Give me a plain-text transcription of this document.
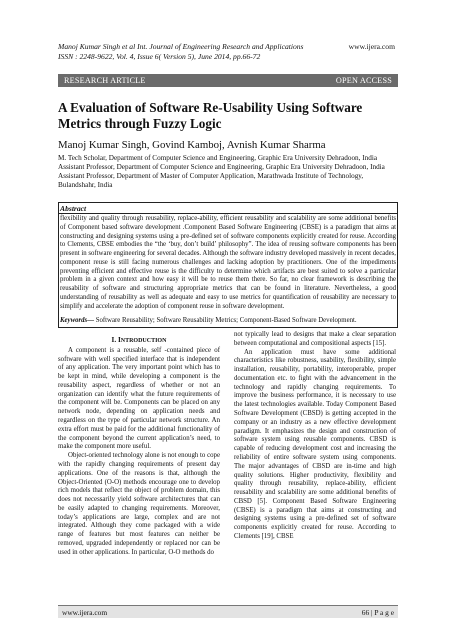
Manoj Kumar Singh et al Int. Journal of Engineering Research and Applications
ISSN : 2248-9622, Vol. 4, Issue 6( Version 5), June 2014, pp.66-72
www.ijera.com
RESEARCH ARTICLE	OPEN ACCESS
A Evaluation of Software Re-Usability Using Software Metrics through Fuzzy Logic
Manoj Kumar Singh, Govind Kamboj, Avnish Kumar Sharma
M. Tech Scholar, Department of Computer Science and Engineering, Graphic Era University Dehradoon, India
Assistant Professor, Department of Computer Science and Engineering, Graphic Era University Dehradoon, India
Assistant Professor, Department of Master of Computer Application, Marathwada Institute of Technology, Bulandshahr, India
Abstract
flexibility and quality through reusability, replace-ability, efficient reusability and scalability are some additional benefits of Component based software development .Component Based Software Engineering (CBSE) is a paradigm that aims at constructing and designing systems using a pre-defined set of software components explicitly created for reuse. According to Clements, CBSE embodies the “the ‘buy, don’t build’ philosophy”. The idea of reusing software components has been present in software engineering for several decades. Although the software industry developed massively in recent decades, component reuse is still facing numerous challenges and lacking adoption by practitioners. One of the impediments preventing efficient and effective reuse is the difficulty to determine which artifacts are best suited to solve a particular problem in a given context and how easy it will be to reuse them there. So far, no clear framework is describing the reusability of software and structuring appropriate metrics that can be found in literature. Nevertheless, a good understanding of reusability as well as adequate and easy to use metrics for quantification of reusability are necessary to simplify and accelerate the adoption of component reuse in software development.
Keywords— Software Reusability; Software Reusability Metrics; Component-Based Software Development.
I. INTRODUCTION

A component is a reusable, self -contained piece of software with well specified interface that is independent of any application. The very important point which has to be kept in mind, while developing a component is the reusability aspect, regardless of whether or not an organization can identify what the future requirements of the component will be. Components can be placed on any network node, depending on application needs and regardless on the type of particular network structure. An extra effort must be paid for the additional functionality of the component beyond the current application’s need, to make the component more useful.

Object-oriented technology alone is not enough to cope with the rapidly changing requirements of present day applications. One of the reasons is that, although the Object-Oriented (O-O) methods encourage one to develop rich models that reflect the object of problem domain, this does not necessarily yield software architectures that can be easily adapted to changing requirements. Moreover, today’s applications are large, complex and are not integrated. Although they come packaged with a wide range of features but most features can neither be removed, upgraded independently or replaced nor can be used in other applications. In particular, O-O methods do

not typically lead to designs that make a clear separation between computational and compositional aspects [15].

An application must have some additional characteristics like robustness, usability, flexibility, simple installation, reusability, portability, interoperable, proper documentation etc. to fight with the advancement in the technology and rapidly changing requirements. To improve the business performance, it is necessary to use the latest technologies available. Today Component Based Software Development (CBSD) is getting accepted in the company or an industry as a new effective development paradigm. It emphasizes the design and construction of software system using reusable components. CBSD is capable of reducing development cost and increasing the reliability of entire software system using components. The major advantages of CBSD are in-time and high quality solutions. Higher productivity, flexibility and quality through reusability, replace-ability, efficient reusability and scalability are some additional benefits of CBSD [5]. Component Based Software Engineering (CBSE) is a paradigm that aims at constructing and designing systems using a pre-defined set of software components explicitly created for reuse. According to Clements [19], CBSE

www.ijera.com	66 | P a g e
